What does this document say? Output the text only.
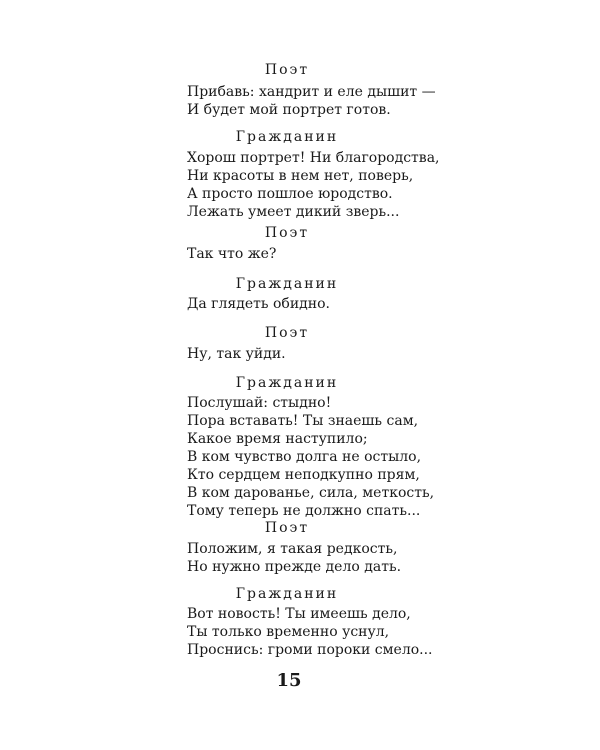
Поэт
Прибавь: хандрит и еле дышит —
И будет мой портрет готов.
Гражданин
Хорош портрет! Ни благородства,
Ни красоты в нем нет, поверь,
А просто пошлое юродство.
Лежать умеет дикий зверь...
Поэт
Так что же?
Гражданин
Да глядеть обидно.
Поэт
Ну, так уйди.
Гражданин
Послушай: стыдно!
Пора вставать! Ты знаешь сам,
Какое время наступило;
В ком чувство долга не остыло,
Кто сердцем неподкупно прям,
В ком дарованье, сила, меткость,
Тому теперь не должно спать...
Поэт
Положим, я такая редкость,
Но нужно прежде дело дать.
Гражданин
Вот новость! Ты имеешь дело,
Ты только временно уснул,
Проснись: громи пороки смело...
15
